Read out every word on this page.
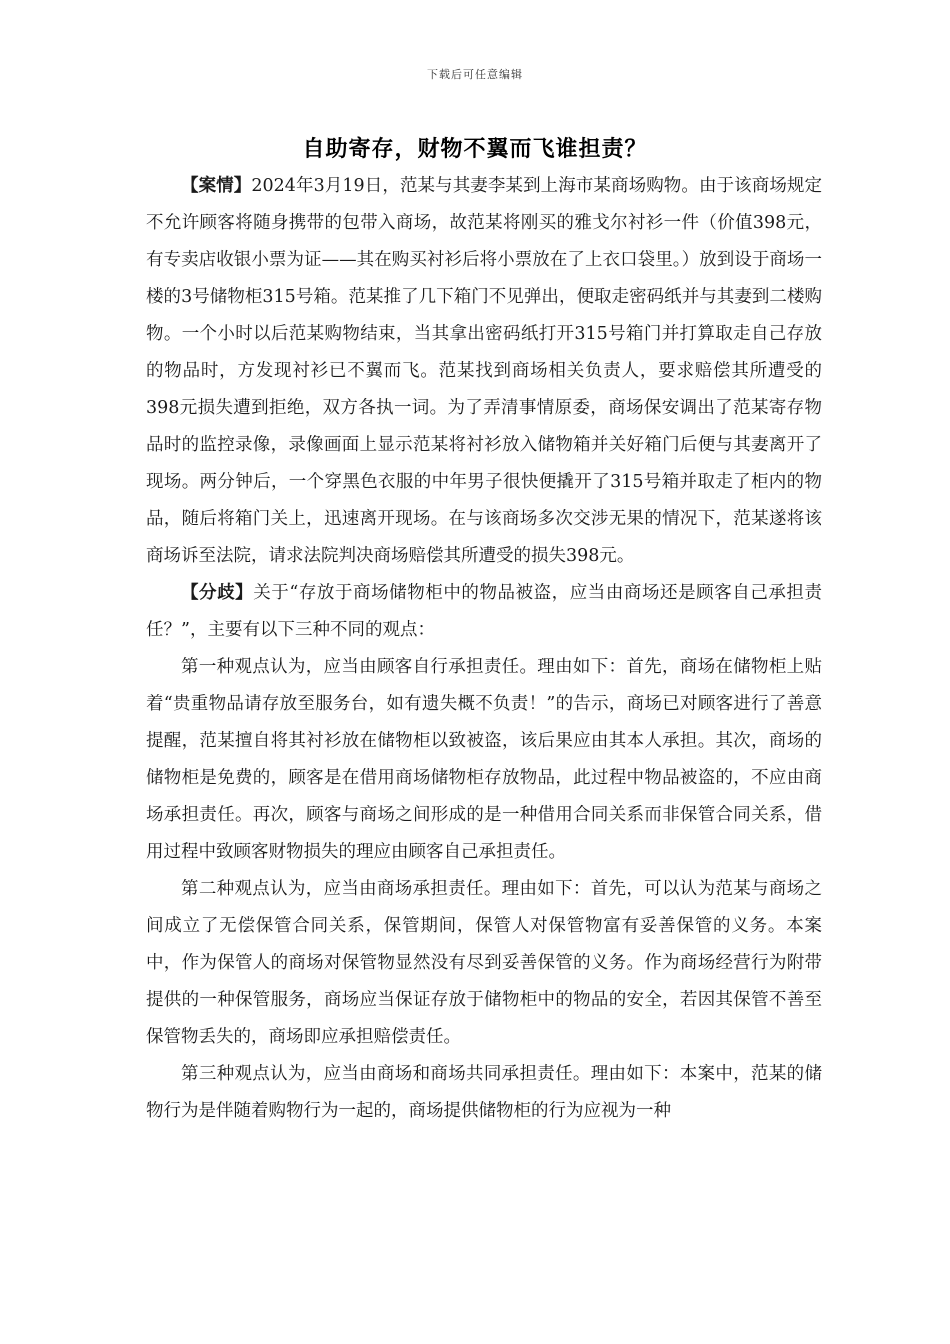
下载后可任意编辑
自助寄存，财物不翼而飞谁担责？

【案情】2024年3月19日，范某与其妻李某到上海市某商场购物。由于该商场规定不允许顾客将随身携带的包带入商场，故范某将刚买的雅戈尔衬衫一件（价值398元，有专卖店收银小票为证——其在购买衬衫后将小票放在了上衣口袋里。）放到设于商场一楼的3号储物柜315号箱。范某推了几下箱门不见弹出，便取走密码纸并与其妻到二楼购物。一个小时以后范某购物结束，当其拿出密码纸打开315号箱门并打算取走自己存放的物品时，方发现衬衫已不翼而飞。范某找到商场相关负责人，要求赔偿其所遭受的398元损失遭到拒绝，双方各执一词。为了弄清事情原委，商场保安调出了范某寄存物品时的监控录像，录像画面上显示范某将衬衫放入储物箱并关好箱门后便与其妻离开了现场。两分钟后，一个穿黑色衣服的中年男子很快便撬开了315号箱并取走了柜内的物品，随后将箱门关上，迅速离开现场。在与该商场多次交涉无果的情况下，范某遂将该商场诉至法院，请求法院判决商场赔偿其所遭受的损失398元。

【分歧】关于“存放于商场储物柜中的物品被盗，应当由商场还是顾客自己承担责任？”，主要有以下三种不同的观点：

第一种观点认为，应当由顾客自行承担责任。理由如下：首先，商场在储物柜上贴着“贵重物品请存放至服务台，如有遗失概不负责！”的告示，商场已对顾客进行了善意提醒，范某擅自将其衬衫放在储物柜以致被盗，该后果应由其本人承担。其次，商场的储物柜是免费的，顾客是在借用商场储物柜存放物品，此过程中物品被盗的，不应由商场承担责任。再次，顾客与商场之间形成的是一种借用合同关系而非保管合同关系，借用过程中致顾客财物损失的理应由顾客自己承担责任。

第二种观点认为，应当由商场承担责任。理由如下：首先，可以认为范某与商场之间成立了无偿保管合同关系，保管期间，保管人对保管物富有妥善保管的义务。本案中，作为保管人的商场对保管物显然没有尽到妥善保管的义务。作为商场经营行为附带提供的一种保管服务，商场应当保证存放于储物柜中的物品的安全，若因其保管不善至保管物丢失的，商场即应承担赔偿责任。

第三种观点认为，应当由商场和商场共同承担责任。理由如下：本案中，范某的储物行为是伴随着购物行为一起的，商场提供储物柜的行为应视为一种
